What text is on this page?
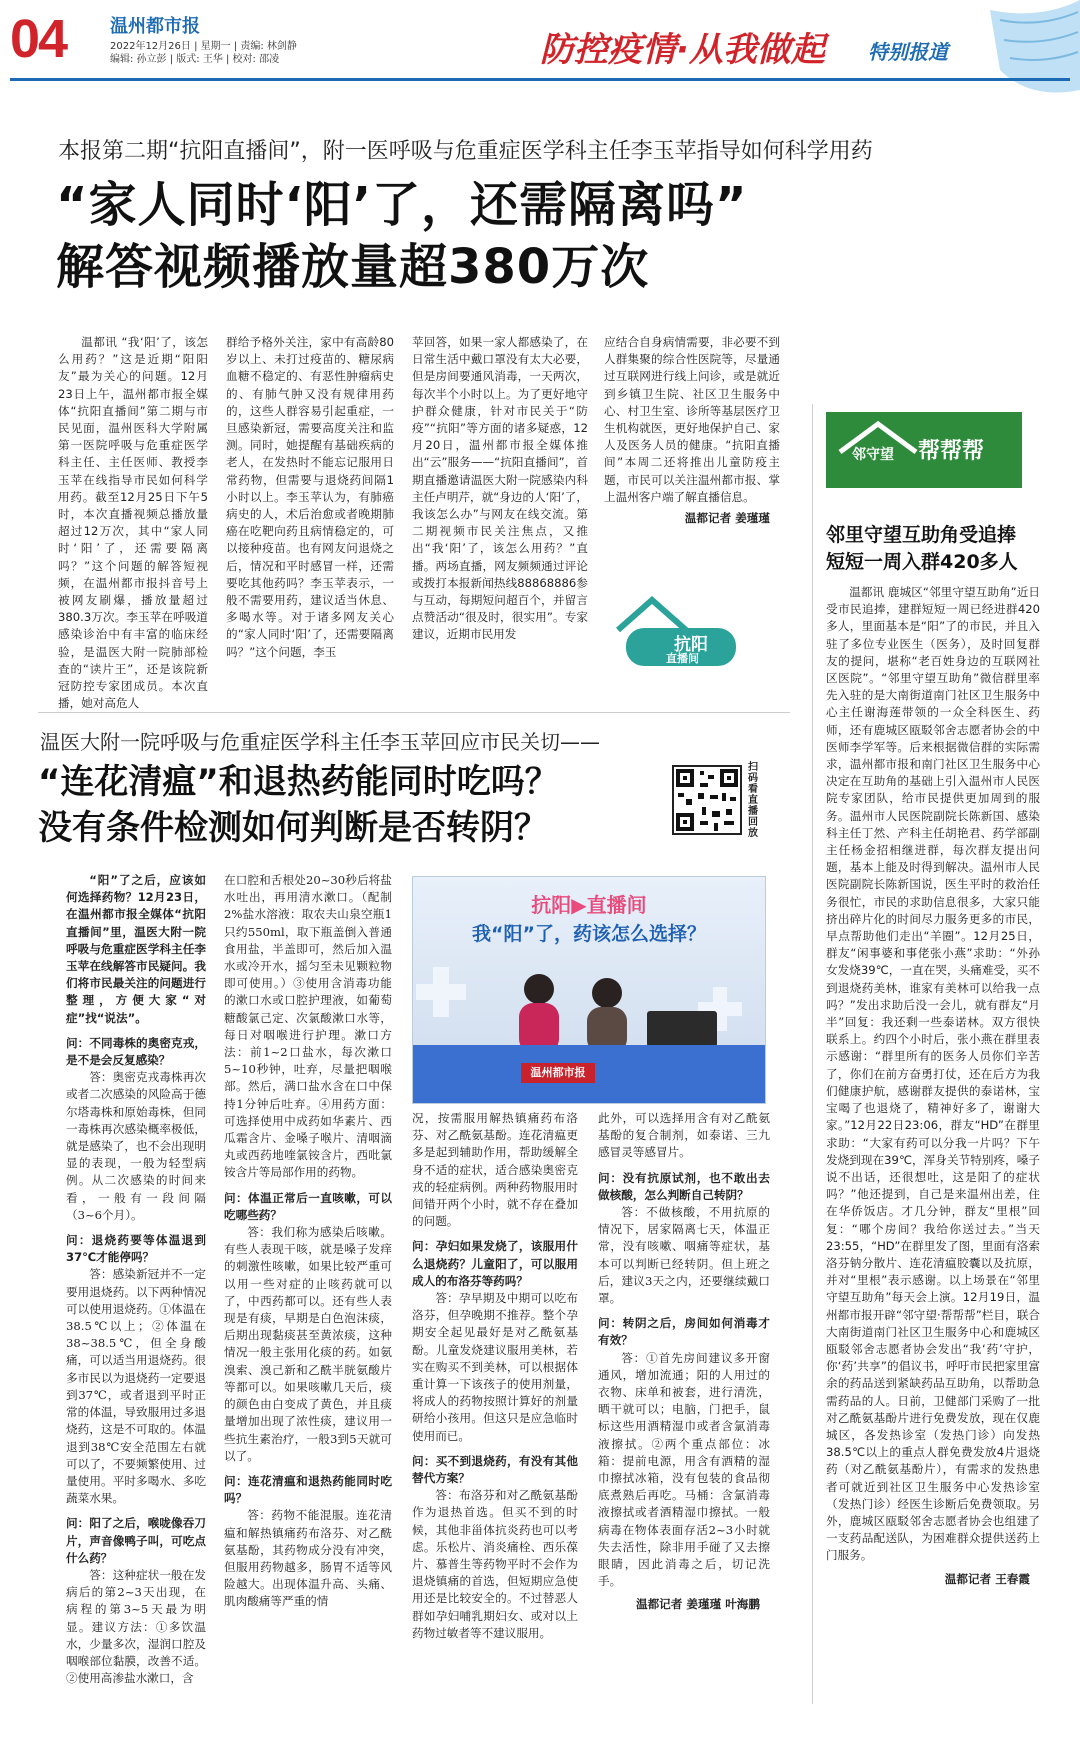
04 温州都市报
2022年12月26日 | 星期一 | 责编: 林剑静
编辑: 孙立彭 | 版式: 王华 | 校对: 邵凌	防控疫情·从我做起 特别报道
本报第二期“抗阳直播间”，附一医呼吸与危重症医学科主任李玉苹指导如何科学用药
“家人同时‘阳’了，还需隔离吗”
解答视频播放量超380万次

温都讯 “我‘阳’了，该怎么用药？”这是近期“阳阳友”最为关心的问题。12月23日上午，温州都市报全媒体“抗阳直播间”第二期与市民见面，温州医科大学附属第一医院呼吸与危重症医学科主任、主任医师、教授李玉苹在线指导市民如何科学用药。截至12月25日下午5时，本次直播视频总播放量超过12万次，其中“家人同时‘阳’了，还需要隔离吗？”这个问题的解答短视频，在温州都市报抖音号上被网友刷爆，播放量超过380.3万次。李玉苹在呼吸道感染诊治中有丰富的临床经验，是温医大附一院肺部检查的“读片王”，还是该院新冠防控专家团成员。本次直播，她对高危人

群给予格外关注，家中有高龄80岁以上、未打过疫苗的、糖尿病血糖不稳定的、有恶性肿瘤病史的、有肺气肿又没有规律用药的，这些人群容易引起重症，一旦感染新冠，需要高度关注和监测。同时，她提醒有基础疾病的老人，在发热时不能忘记服用日常药物，但需要与退烧药间隔1小时以上。李玉苹认为，有肺癌病史的人，术后治愈或者晚期肺癌在吃靶向药且病情稳定的，可以接种疫苗。也有网友问退烧之后，情况和平时感冒一样，还需要吃其他药吗？李玉苹表示，一般不需要用药，建议适当休息、多喝水等。对于诸多网友关心的“家人同时‘阳’了，还需要隔离吗？”这个问题，李玉

苹回答，如果一家人都感染了，在日常生活中戴口罩没有太大必要，但是房间要通风消毒，一天两次，每次半个小时以上。为了更好地守护群众健康，针对市民关于“防疫”“抗阳”等方面的诸多疑惑，12月20日，温州都市报全媒体推出“云”服务——“抗阳直播间”，首期直播邀请温医大附一院感染内科主任卢明芹，就“身边的人‘阳’了，我该怎么办”与网友在线交流。第二期视频市民关注焦点，又推出“我‘阳’了，该怎么用药？”直播。两场直播，网友频频通过评论或拨打本报新闻热线88868886参与互动，每期短问超百个，并留言点赞活动“很及时，很实用”。专家建议，近期市民用发

应结合自身病情需要，非必要不到人群集聚的综合性医院等，尽量通过互联网进行线上问诊，或是就近到乡镇卫生院、社区卫生服务中心、村卫生室、诊所等基层医疗卫生机构就医，更好地保护自己、家人及医务人员的健康。“抗阳直播间”本周二还将推出儿童防疫主题，市民可以关注温州都市报、掌上温州客户端了解直播信息。

温都记者 姜瑾瑾
抗阳
直播间
温医大附一院呼吸与危重症医学科主任李玉苹回应市民关切——
“连花清瘟”和退热药能同时吃吗？
没有条件检测如何判断是否转阴？
扫码看直播回放

“阳”了之后，应该如何选择药物？12月23日，在温州都市报全媒体“抗阳直播间”里，温医大附一院呼吸与危重症医学科主任李玉苹在线解答市民疑问。我们将市民最关注的问题进行整理，方便大家“对症”找“说法”。

问：不同毒株的奥密克戎，是不是会反复感染？

答：奥密克戎毒株再次或者二次感染的风险高于德尔塔毒株和原始毒株，但同一毒株再次感染概率极低，就是感染了，也不会出现明显的表现，一般为轻型病例。从二次感染的时间来看，一般有一段间隔（3~6个月）。

问：退烧药要等体温退到37℃才能停吗？

答：感染新冠并不一定要用退烧药。以下两种情况可以使用退烧药。①体温在38.5℃以上；②体温在38~38.5℃，但全身酸痛，可以适当用退烧药。很多市民以为退烧药一定要退到37℃，或者退到平时正常的体温，导致服用过多退烧药，这是不可取的。体温退到38℃安全范围左右就可以了，不要频繁使用、过量使用。平时多喝水、多吃蔬菜水果。

问：阳了之后，喉咙像吞刀片，声音像鸭子叫，可吃点什么药？

答：这种症状一般在发病后的第2~3天出现，在病程的第3~5天最为明显。建议方法：①多饮温水，少量多次，湿润口腔及咽喉部位黏膜，改善不适。②使用高渗盐水漱口，含

在口腔和舌根处20~30秒后将盐水吐出，再用清水漱口。（配制2%盐水溶液：取农夫山泉空瓶1只约550ml，取下瓶盖倒入普通食用盐，半盖即可，然后加入温水或冷开水，摇匀至未见颗粒物即可使用。）③使用含消毒功能的漱口水或口腔护理液，如葡萄糖酸氯己定、次氯酸漱口水等，每日对咽喉进行护理。漱口方法：前1~2口盐水，每次漱口5~10秒钟，吐弃，尽量把咽喉部。然后，满口盐水含在口中保持1分钟后吐弃。④用药方面：可选择使用中成药如华素片、西瓜霜含片、金嗓子喉片、清咽滴丸或西药地喹氯铵含片，西吡氯铵含片等局部作用的药物。

问：体温正常后一直咳嗽，可以吃哪些药？

答：我们称为感染后咳嗽。有些人表现干咳，就是嗓子发痒的刺激性咳嗽，如果比较严重可以用一些对症的止咳药就可以了，中西药都可以。还有些人表现是有痰，早期是白色泡沫痰，后期出现黏痰甚至黄浓痰，这种情况一般主张用化痰的药。如氨溴索、溴己新和乙酰半胱氨酸片等都可以。如果咳嗽几天后，痰的颜色由白变成了黄色，并且痰量增加出现了浓性痰，建议用一些抗生素治疗，一般3到5天就可以了。

问：连花清瘟和退热药能同时吃吗？

答：药物不能混服。连花清瘟和解热镇痛药布洛芬、对乙酰氨基酚，其药物成分没有冲突，但服用药物越多，肠胃不适等风险越大。出现体温升高、头痛、肌肉酸痛等严重的情

抗阳▶直播间
我“阳”了，药该怎么选择？
温州都市报

况，按需服用解热镇痛药布洛芬、对乙酰氨基酚。连花清瘟更多是起到辅助作用，帮助缓解全身不适的症状，适合感染奥密克戎的轻症病例。两种药物服用时间错开两个小时，就不存在叠加的问题。

问：孕妇如果发烧了，该服用什么退烧药？儿童阳了，可以服用成人的布洛芬等药吗？

答：孕早期及中期可以吃布洛芬，但孕晚期不推荐。整个孕期安全起见最好是对乙酰氨基酚。儿童发烧建议服用美林，若实在购买不到美林，可以根据体重计算一下该孩子的使用剂量，将成人的药物按照计算好的剂量研给小孩用。但这只是应急临时使用而已。

问：买不到退烧药，有没有其他替代方案？

答：布洛芬和对乙酰氨基酚作为退热首选。但买不到的时候，其他非甾体抗炎药也可以考虑。乐松片、消炎痛栓、西乐葆片、慕普生等药物平时不会作为退烧镇痛的首选，但短期应急使用还是比较安全的。不过替恶人群如孕妇哺乳期妇女、或对以上药物过敏者等不建议服用。

此外，可以选择用含有对乙酰氨基酚的复合制剂，如泰诺、三九感冒灵等感冒片。

问：没有抗原试剂，也不敢出去做核酸，怎么判断自己转阴？

答：不做核酸，不用抗原的情况下，居家隔离七天，体温正常，没有咳嗽、咽痛等症状，基本可以判断已经转阴。但上班之后，建议3天之内，还要继续戴口罩。

问：转阴之后，房间如何消毒才有效？

答：①首先房间建议多开窗通风，增加流通；阳的人用过的衣物、床单和被套，进行清洗，晒干就可以；电脑，门把手，鼠标这些用酒精湿巾或者含氯消毒液擦拭。②两个重点部位：冰箱：提前电源，用含有酒精的湿巾擦拭冰箱，没有包装的食品彻底煮熟后再吃。马桶：含氯消毒液擦拭或者酒精湿巾擦拭。一般病毒在物体表面存活2~3小时就失去活性，除非用手碰了又去擦眼睛，因此消毒之后，切记洗手。

温都记者 姜瑾瑾 叶海鹏
邻守望 帮帮帮
邻里守望互助角受追捧
短短一周入群420多人

温都讯 鹿城区“邻里守望互助角”近日受市民追捧，建群短短一周已经进群420多人，里面基本是“阳”了的市民，并且入驻了多位专业医生（医务），及时回复群友的提问，堪称“老百姓身边的互联网社区医院”。“邻里守望互助角”微信群里率先入驻的是大南街道南门社区卫生服务中心主任谢海莲带领的一众全科医生、药师，还有鹿城区瓯駁邻舍志愿者协会的中医师李学军等。后来根据微信群的实际需求，温州都市报和南门社区卫生服务中心决定在互助角的基础上引入温州市人民医院专家团队，给市民提供更加周到的服务。温州市人民医院副院长陈新国、感染科主任丁然、产科主任胡艳君、药学部副主任杨金招相继进群，每次群友提出问题，基本上能及时得到解决。温州市人民医院副院长陈新国说，医生平时的救治任务很忙，市民的求助信息很多，大家只能挤出碎片化的时间尽力服务更多的市民，早点帮助他们走出“羊圈”。12月25日，群友“闲事婆和事佬张小燕”求助：“外孙女发烧39℃，一直在哭，头痛难受，买不到退烧药美林，谁家有美林可以给我一点吗？”发出求助后没一会儿，就有群友“月半”回复：我还剩一些泰诺林。双方很快联系上。约四个小时后，张小燕在群里表示感谢：“群里所有的医务人员你们辛苦了，你们在前方奋勇打仗，还在后方为我们健康护航，感谢群友提供的泰诺林，宝宝喝了也退烧了，精神好多了，谢谢大家。”12月22日23:06，群友“HD”在群里求助：“大家有药可以分我一片吗？下午发烧到现在39℃，浑身关节特别疼，嗓子说不出话，还很想吐，这是阳了的症状吗？”他还提到，自己是来温州出差，住在华侨饭店。才几分钟，群友“里根”回复：“哪个房间？我给你送过去。”当天23:55，“HD”在群里发了图，里面有洛索洛芬钠分散片、连花清瘟胶囊以及抗原，并对“里根”表示感谢。以上场景在“邻里守望互助角”每天会上演。12月19日，温州都市报开辟“邻守望·帮帮帮”栏目，联合大南街道南门社区卫生服务中心和鹿城区瓯駁邻舍志愿者协会发出“我‘药’守护，你‘药’共享”的倡议书，呼吁市民把家里富余的药品送到紧缺药品互助角，以帮助急需药品的人。日前，卫健部门采购了一批对乙酰氨基酚片进行免费发放，现在仅鹿城区，各发热诊室（发热门诊）向发热38.5℃以上的重点人群免费发放4片退烧药（对乙酰氨基酚片），有需求的发热患者可就近到社区卫生服务中心发热诊室（发热门诊）经医生诊断后免费领取。另外，鹿城区瓯駁邻舍志愿者协会也组建了一支药品配送队，为困难群众提供送药上门服务。

温都记者 王春霞
